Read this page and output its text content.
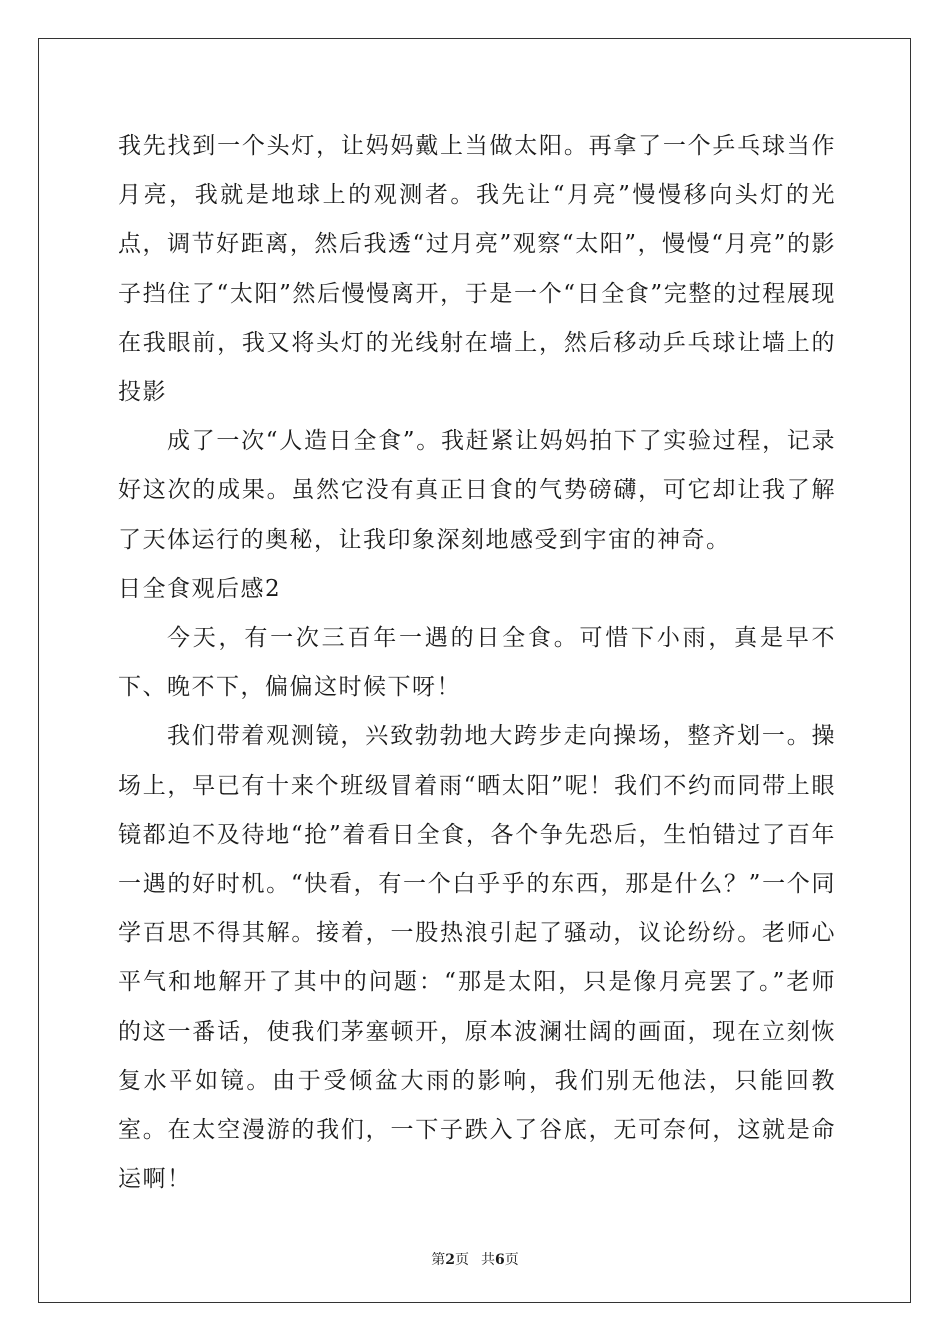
我先找到一个头灯，让妈妈戴上当做太阳。再拿了一个乒乓球当作月亮，我就是地球上的观测者。我先让“月亮”慢慢移向头灯的光点，调节好距离，然后我透“过月亮”观察“太阳”，慢慢“月亮”的影子挡住了“太阳”然后慢慢离开，于是一个“日全食”完整的过程展现在我眼前，我又将头灯的光线射在墙上，然后移动乒乓球让墙上的投影

成了一次“人造日全食”。我赶紧让妈妈拍下了实验过程，记录好这次的成果。虽然它没有真正日食的气势磅礴，可它却让我了解了天体运行的奥秘，让我印象深刻地感受到宇宙的神奇。

日全食观后感2

今天，有一次三百年一遇的日全食。可惜下小雨，真是早不下、晚不下，偏偏这时候下呀！

我们带着观测镜，兴致勃勃地大跨步走向操场，整齐划一。操场上，早已有十来个班级冒着雨“晒太阳”呢！我们不约而同带上眼镜都迫不及待地“抢”着看日全食，各个争先恐后，生怕错过了百年一遇的好时机。“快看，有一个白乎乎的东西，那是什么？”一个同学百思不得其解。接着，一股热浪引起了骚动，议论纷纷。老师心平气和地解开了其中的问题：“那是太阳，只是像月亮罢了。”老师的这一番话，使我们茅塞顿开，原本波澜壮阔的画面，现在立刻恢复水平如镜。由于受倾盆大雨的影响，我们别无他法，只能回教室。在太空漫游的我们，一下子跌入了谷底，无可奈何，这就是命运啊！

第2页 共6页
